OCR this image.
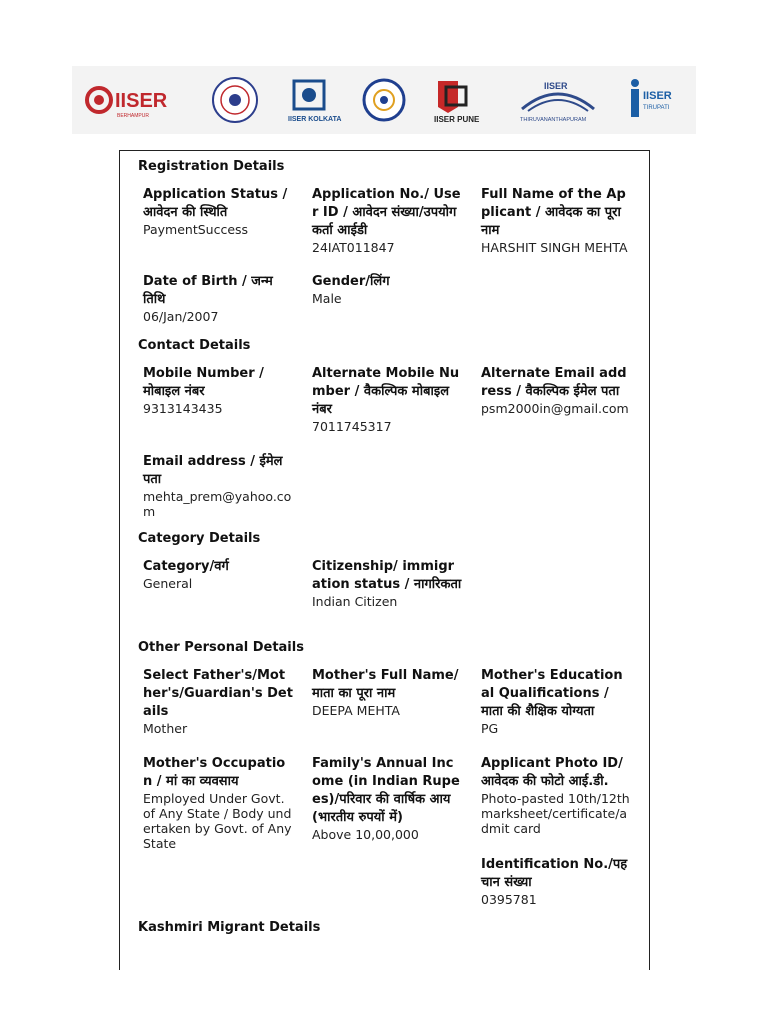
IISER
BERHAMPUR	IISER KOLKATA	IISER PUNE
IISER
THIRUVANANTHAPURAM
IISER
TIRUPATI
Registration Details
Application Status / आवेदन की स्थिति
PaymentSuccess
Application No./ User ID / आवेदन संख्या/उपयोगकर्ता आईडी
24IAT011847
Full Name of the Applicant / आवेदक का पूरा नाम
HARSHIT SINGH MEHTA
Date of Birth / जन्म तिथि
06/Jan/2007
Gender/लिंग
Male
Contact Details
Mobile Number / मोबाइल नंबर
9313143435
Alternate Mobile Number / वैकल्पिक मोबाइल नंबर
7011745317
Alternate Email address / वैकल्पिक ईमेल पता
psm2000in@gmail.com
Email address / ईमेल पता
mehta_prem@yahoo.com
Category Details
Category/वर्ग
General
Citizenship/ immigration status / नागरिकता
Indian Citizen
Other Personal Details
Select Father's/Mother's/Guardian's Details
Mother
Mother's Full Name/ माता का पूरा नाम
DEEPA MEHTA
Mother's Educational Qualifications / माता की शैक्षिक योग्यता
PG
Mother's Occupation / मां का व्यवसाय
Employed Under Govt. of Any State / Body undertaken by Govt. of Any State
Family's Annual Income (in Indian Rupees)/परिवार की वार्षिक आय (भारतीय रुपयों में)
Above 10,00,000
Applicant Photo ID/ आवेदक की फोटो आई.डी.
Photo-pasted 10th/12th marksheet/certificate/admit card
Identification No./पहचान संख्या
0395781
Kashmiri Migrant Details
